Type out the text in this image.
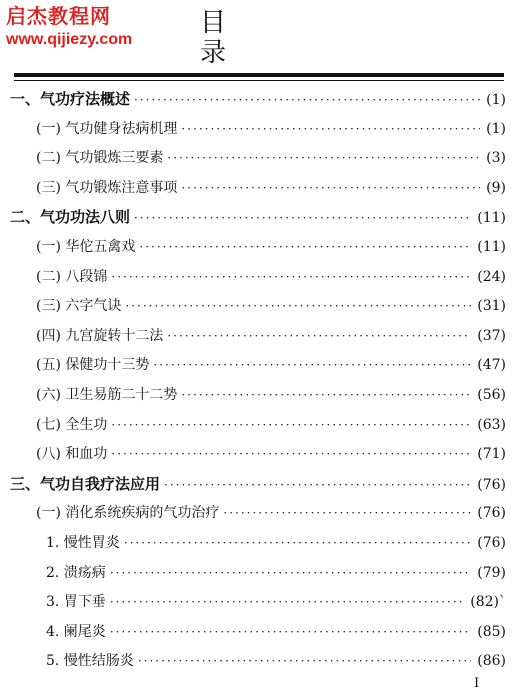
启杰教程网
www.qijiezy.com
目 录
一、气功疗法概述 ·····	(1)
(一) 气功健身祛病机理 ·····	(1)
(二) 气功锻炼三要素 ·····	(3)
(三) 气功锻炼注意事项 ·····	(9)
二、气功功法八则 ·····	(11)
(一) 华佗五禽戏 ·····	(11)
(二) 八段锦 ·····	(24)
(三) 六字气诀 ·····	(31)
(四) 九宫旋转十二法 ·····	(37)
(五) 保健功十三势 ·····	(47)
(六) 卫生易筋二十二势 ·····	(56)
(七) 全生功 ·····	(63)
(八) 和血功 ·····	(71)
三、气功自我疗法应用 ·····	(76)
(一) 消化系统疾病的气功治疗 ·····	(76)
1. 慢性胃炎 ·····	(76)
2. 溃疡病 ·····	(79)
3. 胃下垂 ·····	(82)`
4. 阑尾炎 ·····	(85)
5. 慢性结肠炎 ·····	(86)
I
